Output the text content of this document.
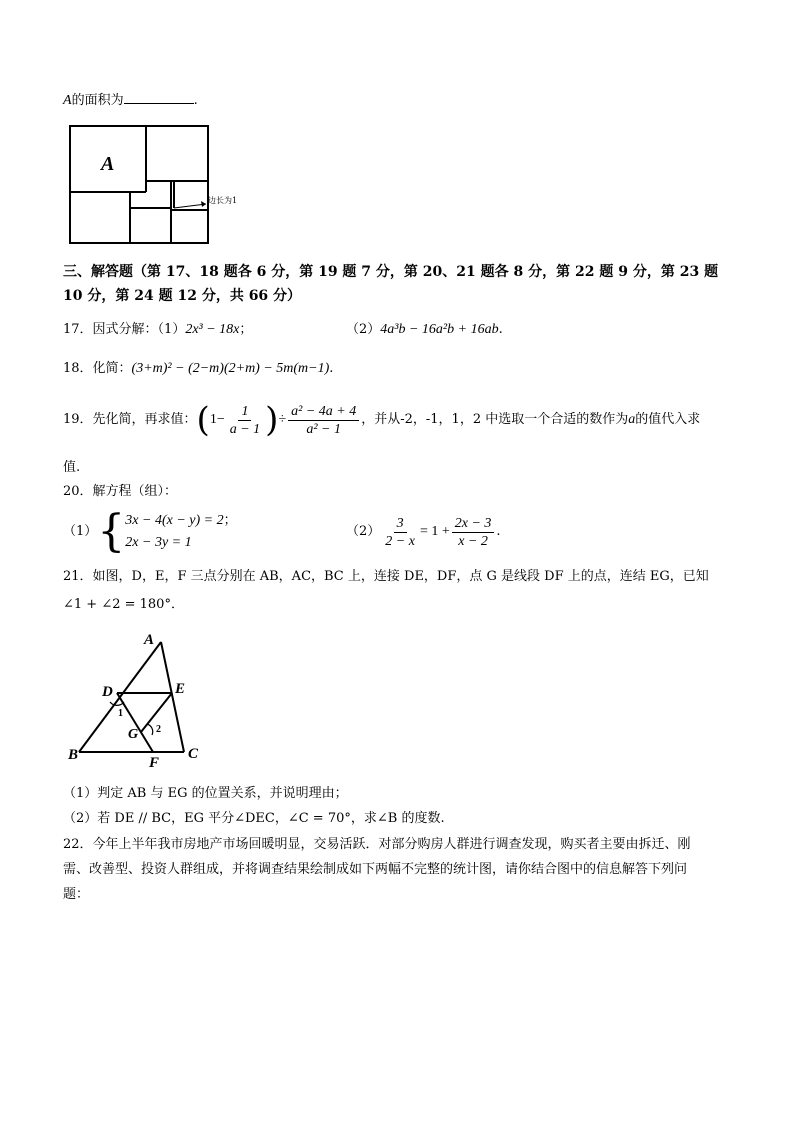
A的面积为	.
A
边长为1
三、解答题（第 17、18 题各 6 分，第 19 题 7 分，第 20、21 题各 8 分，第 22 题 9 分，第 23 题
10 分，第 24 题 12 分，共 66 分）
17．因式分解：（1）2x³ − 18x；	（2）4a³b − 16a²b + 16ab.
18．化简：(3+m)² − (2−m)(2+m) − 5m(m−1).
19．先化简，再求值： ( $1- \frac{1}{a - 1}$ ) ÷ $\frac{\text{a² − 4a + 4}}{\text{a² − 1}}$ ，并从-2，-1，1，2 中选取一个合适的数作为 a 的值代入求
值.
20．解方程（组）：
（1） { 3x − 4(x − y) = 2；
2x − 3y = 1
$(2) \frac{3}{2 - x} = 1 + \frac{2x - 3}{x - 2}$ .
21．如图，D，E，F 三点分别在 AB，AC，BC 上，连接 DE，DF，点 G 是线段 DF 上的点，连结 EG，已知
∠1 + ∠2 = 180°．
A
D	E
B	C
F
G
1
2
（1）判定 AB 与 EG 的位置关系，并说明理由；
（2）若 DE // BC，EG 平分∠DEC，∠C = 70°，求∠B 的度数.
22．今年上半年我市房地产市场回暖明显，交易活跃．对部分购房人群进行调查发现，购买者主要由拆迁、刚
需、改善型、投资人群组成，并将调查结果绘制成如下两幅不完整的统计图，请你结合图中的信息解答下列问
题：
